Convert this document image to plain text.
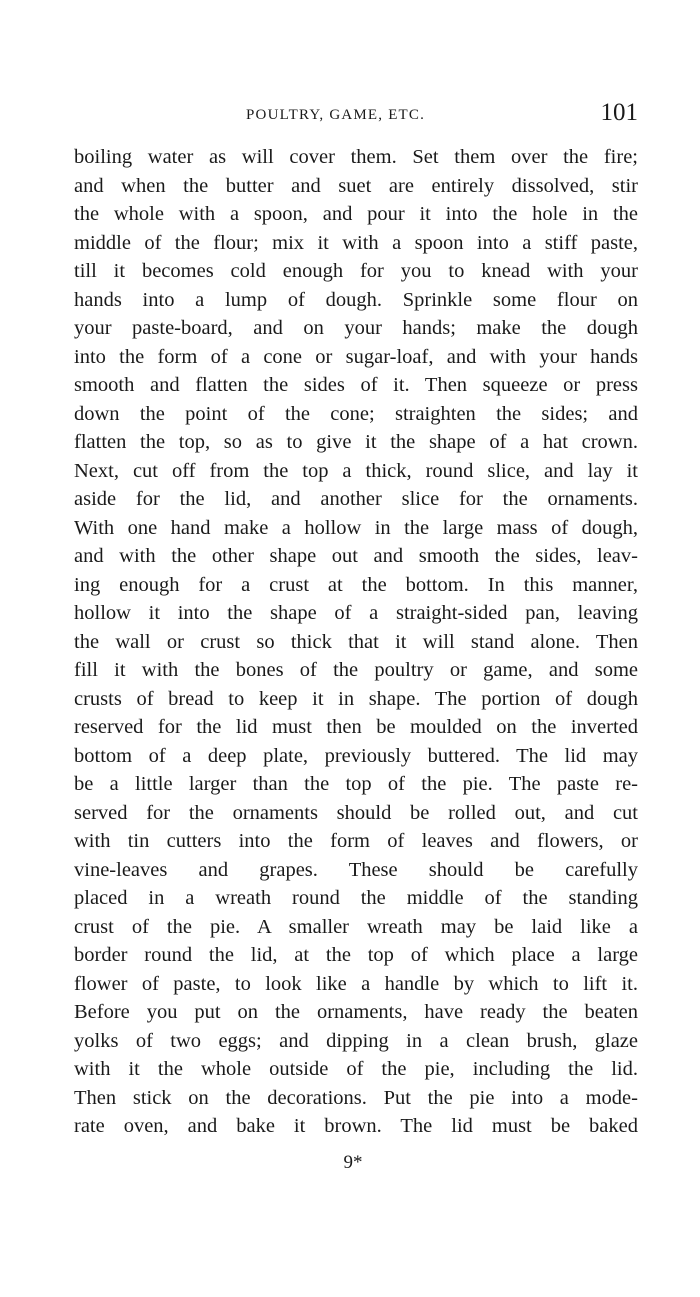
POULTRY, GAME, ETC.	101
boiling water as will cover them. Set them over the fire;
and when the butter and suet are entirely dissolved, stir
the whole with a spoon, and pour it into the hole in the
middle of the flour; mix it with a spoon into a stiff paste,
till it becomes cold enough for you to knead with your
hands into a lump of dough. Sprinkle some flour on
your paste-board, and on your hands; make the dough
into the form of a cone or sugar-loaf, and with your hands
smooth and flatten the sides of it. Then squeeze or press
down the point of the cone; straighten the sides; and
flatten the top, so as to give it the shape of a hat crown.
Next, cut off from the top a thick, round slice, and lay it
aside for the lid, and another slice for the ornaments.
With one hand make a hollow in the large mass of dough,
and with the other shape out and smooth the sides, leav-
ing enough for a crust at the bottom. In this manner,
hollow it into the shape of a straight-sided pan, leaving
the wall or crust so thick that it will stand alone. Then
fill it with the bones of the poultry or game, and some
crusts of bread to keep it in shape. The portion of dough
reserved for the lid must then be moulded on the inverted
bottom of a deep plate, previously buttered. The lid may
be a little larger than the top of the pie. The paste re-
served for the ornaments should be rolled out, and cut
with tin cutters into the form of leaves and flowers, or
vine-leaves and grapes. These should be carefully
placed in a wreath round the middle of the standing
crust of the pie. A smaller wreath may be laid like a
border round the lid, at the top of which place a large
flower of paste, to look like a handle by which to lift it.
Before you put on the ornaments, have ready the beaten
yolks of two eggs; and dipping in a clean brush, glaze
with it the whole outside of the pie, including the lid.
Then stick on the decorations. Put the pie into a mode-
rate oven, and bake it brown. The lid must be baked
9*
